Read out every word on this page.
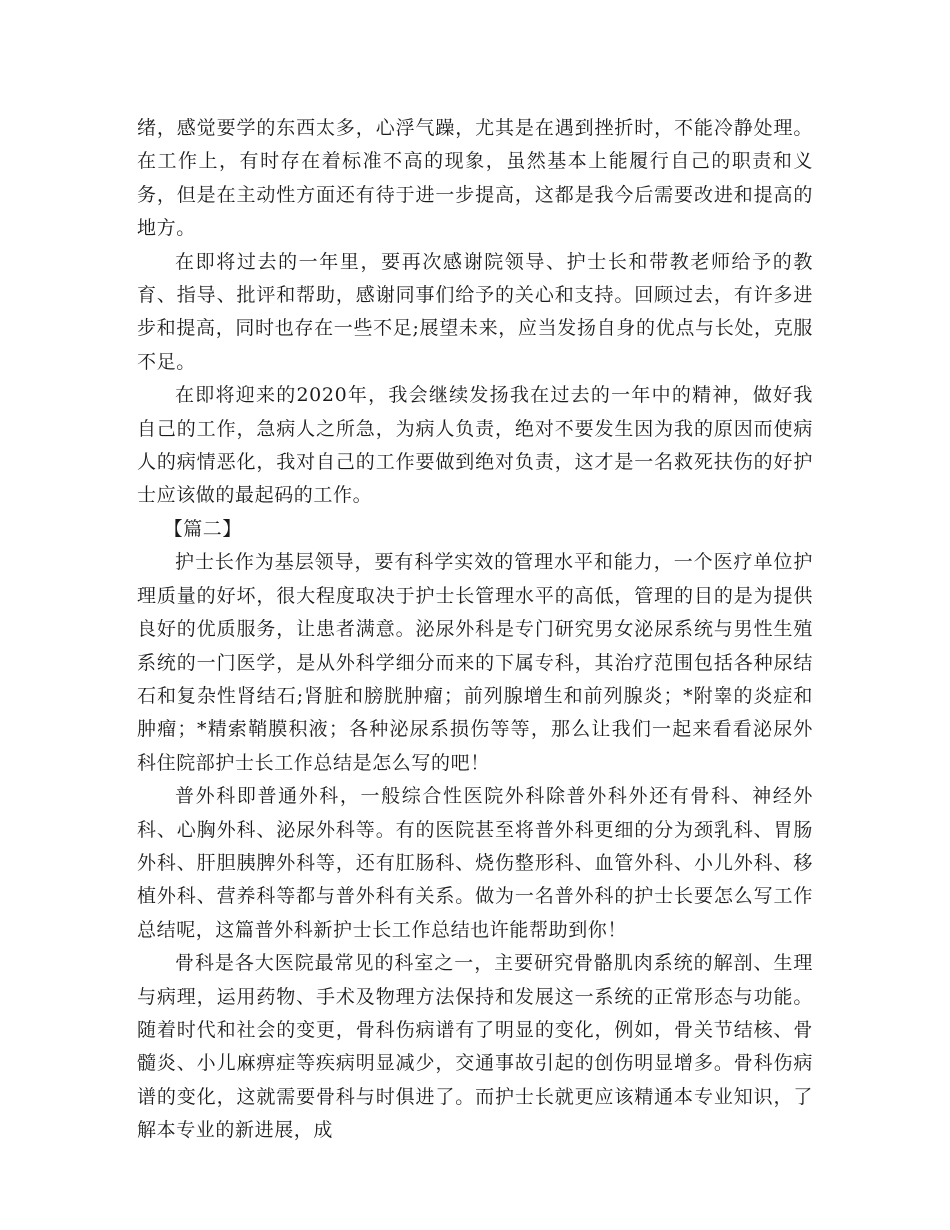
绪，感觉要学的东西太多，心浮气躁，尤其是在遇到挫折时，不能冷静处理。在工作上，有时存在着标准不高的现象，虽然基本上能履行自己的职责和义务，但是在主动性方面还有待于进一步提高，这都是我今后需要改进和提高的地方。

在即将过去的一年里，要再次感谢院领导、护士长和带教老师给予的教育、指导、批评和帮助，感谢同事们给予的关心和支持。回顾过去，有许多进步和提高，同时也存在一些不足;展望未来，应当发扬自身的优点与长处，克服不足。

在即将迎来的2020年，我会继续发扬我在过去的一年中的精神，做好我自己的工作，急病人之所急，为病人负责，绝对不要发生因为我的原因而使病人的病情恶化，我对自己的工作要做到绝对负责，这才是一名救死扶伤的好护士应该做的最起码的工作。

【篇二】

护士长作为基层领导，要有科学实效的管理水平和能力，一个医疗单位护理质量的好坏，很大程度取决于护士长管理水平的高低，管理的目的是为提供良好的优质服务，让患者满意。泌尿外科是专门研究男女泌尿系统与男性生殖系统的一门医学，是从外科学细分而来的下属专科，其治疗范围包括各种尿结石和复杂性肾结石;肾脏和膀胱肿瘤；前列腺增生和前列腺炎；*附睾的炎症和肿瘤；*精索鞘膜积液；各种泌尿系损伤等等，那么让我们一起来看看泌尿外科住院部护士长工作总结是怎么写的吧！

普外科即普通外科，一般综合性医院外科除普外科外还有骨科、神经外科、心胸外科、泌尿外科等。有的医院甚至将普外科更细的分为颈乳科、胃肠外科、肝胆胰脾外科等，还有肛肠科、烧伤整形科、血管外科、小儿外科、移植外科、营养科等都与普外科有关系。做为一名普外科的护士长要怎么写工作总结呢，这篇普外科新护士长工作总结也许能帮助到你！

骨科是各大医院最常见的科室之一，主要研究骨骼肌肉系统的解剖、生理与病理，运用药物、手术及物理方法保持和发展这一系统的正常形态与功能。随着时代和社会的变更，骨科伤病谱有了明显的变化，例如，骨关节结核、骨髓炎、小儿麻痹症等疾病明显减少，交通事故引起的创伤明显增多。骨科伤病谱的变化，这就需要骨科与时俱进了。而护士长就更应该精通本专业知识，了解本专业的新进展，成
